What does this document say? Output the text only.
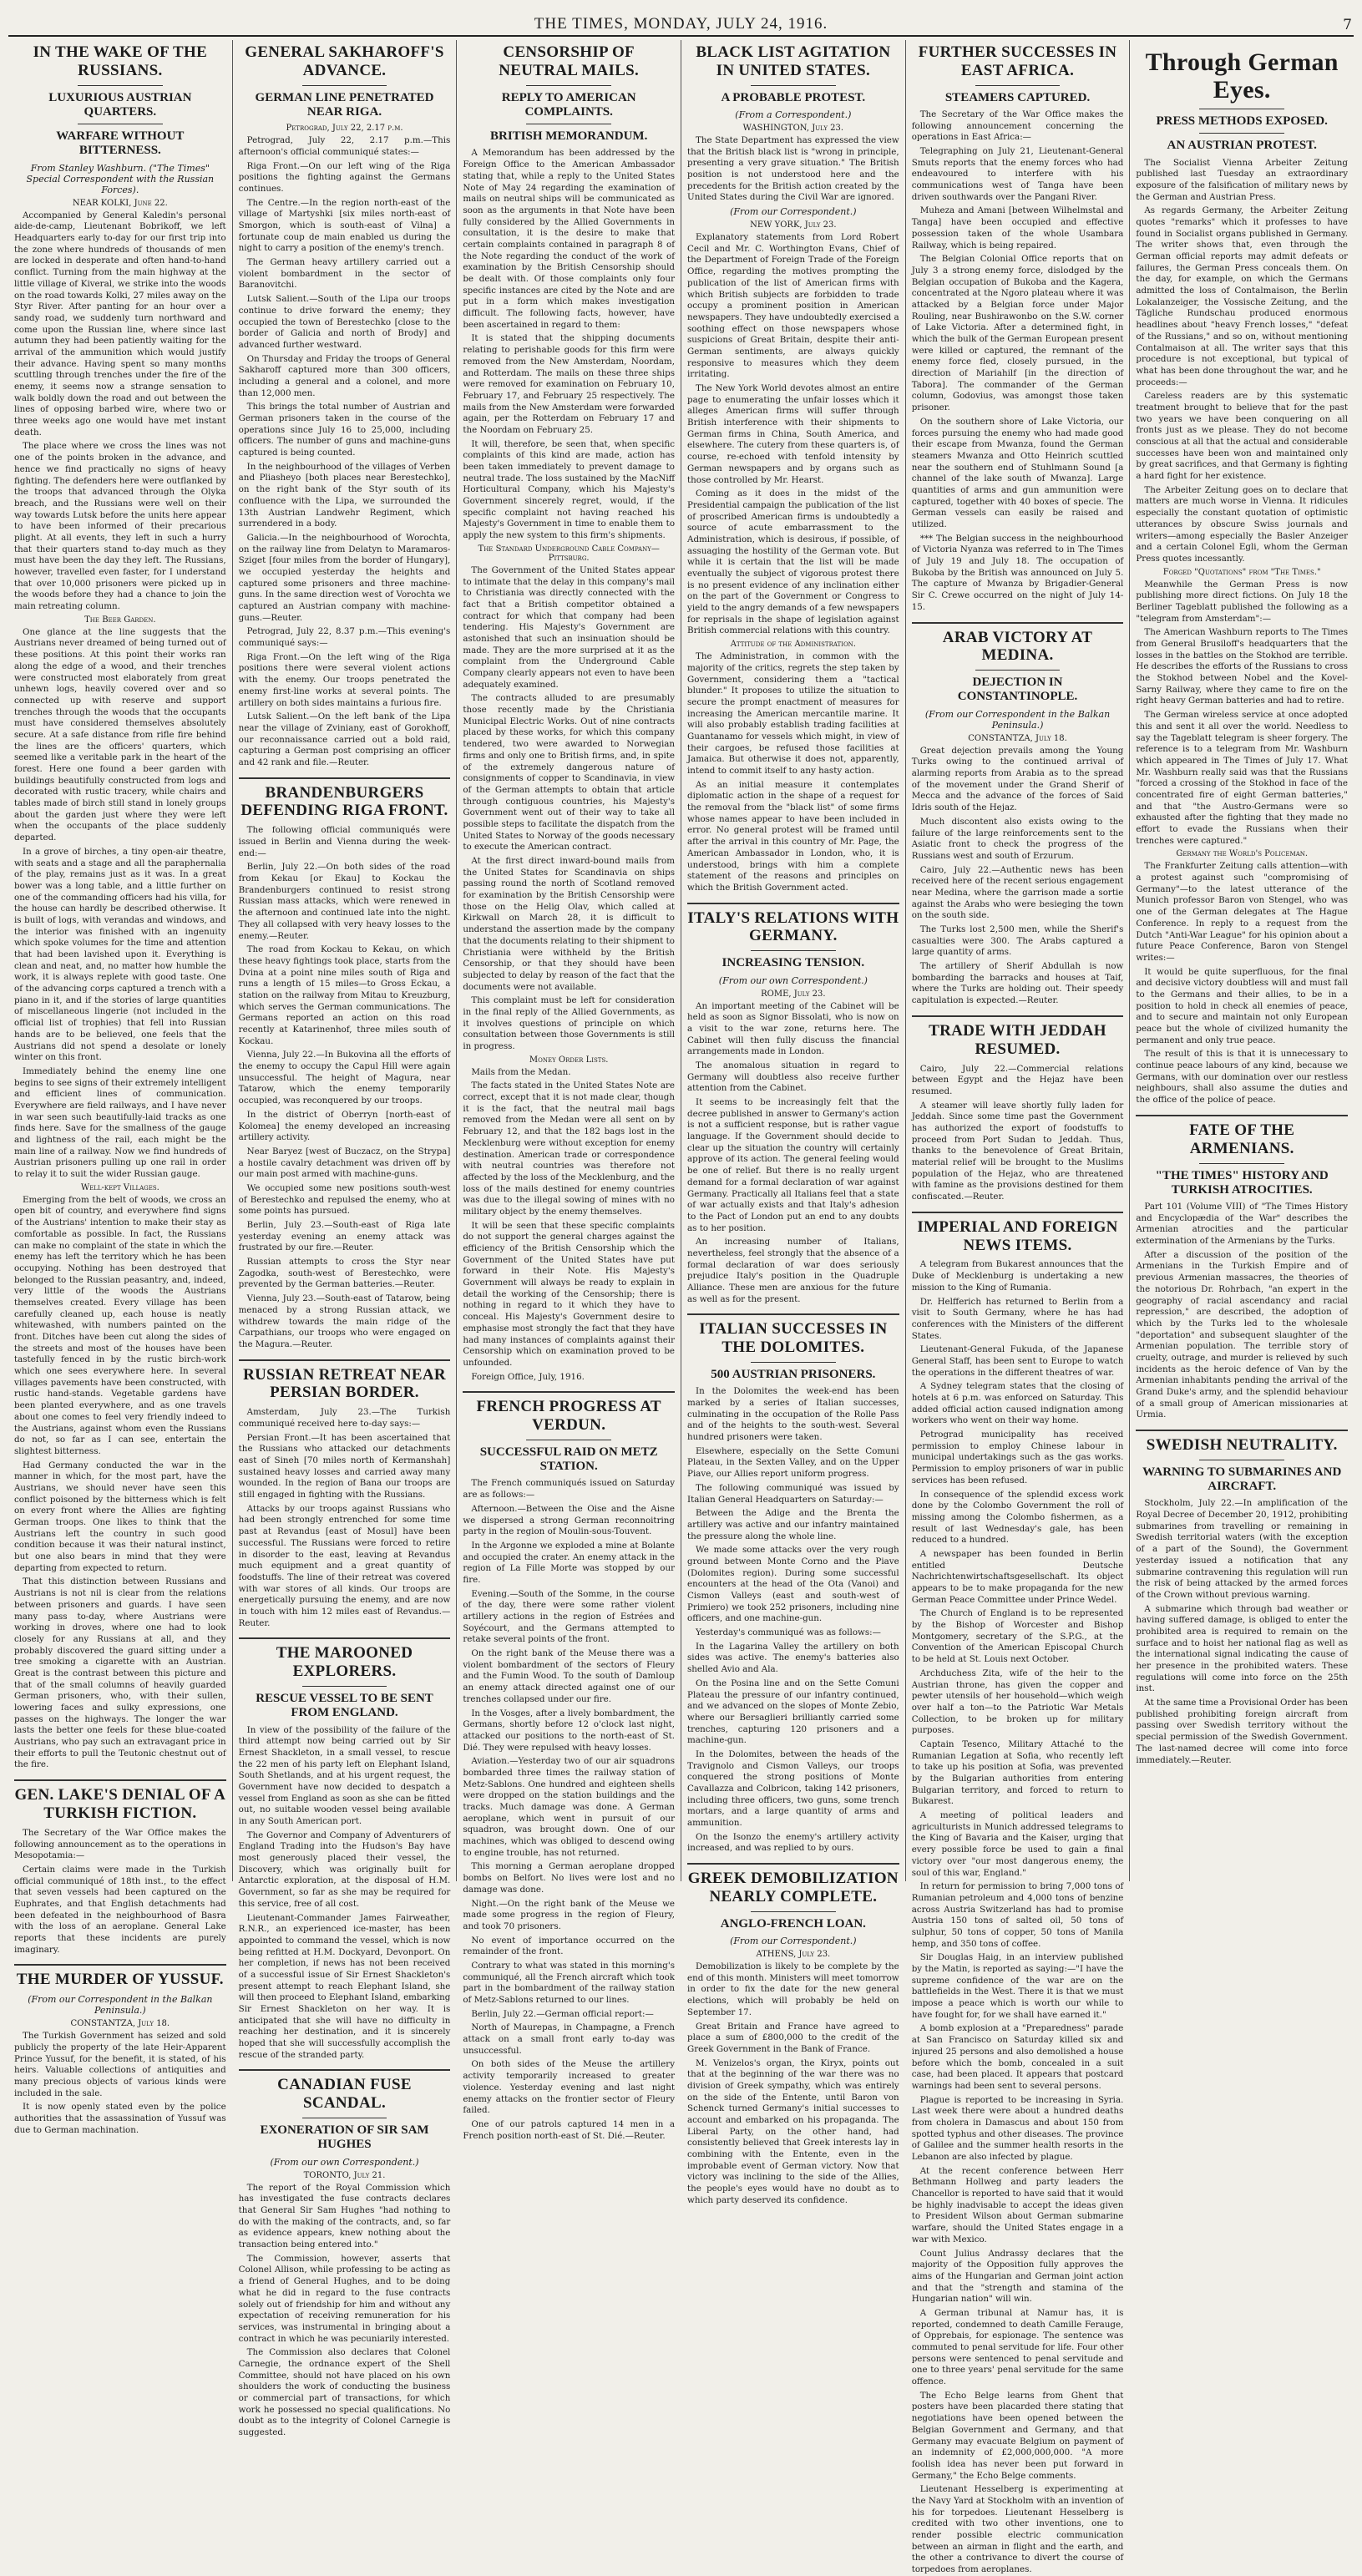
THE TIMES, MONDAY, JULY 24, 1916.	7
IN THE WAKE OF THE RUSSIANS.
LUXURIOUS AUSTRIAN QUARTERS.
WARFARE WITHOUT BITTERNESS.
From Stanley Washburn. ("The Times" Special Correspondent with the Russian Forces).
NEAR KOLKI, June 22.

Accompanied by General Kaledin's personal aide-de-camp, Lieutenant Bobrikoff, we left Headquarters early to-day for our first trip into the zone where hundreds of thousands of men are locked in desperate and often hand-to-hand conflict. Turning from the main highway at the little village of Kiveral, we strike into the woods on the road towards Kolki, 27 miles away on the Styr River. After panting for an hour over a sandy road, we suddenly turn northward and come upon the Russian line, where since last autumn they had been patiently waiting for the arrival of the ammunition which would justify their advance. Having spent so many months scuttling through trenches under the fire of the enemy, it seems now a strange sensation to walk boldly down the road and out between the lines of opposing barbed wire, where two or three weeks ago one would have met instant death.

The place where we cross the lines was not one of the points broken in the advance, and hence we find practically no signs of heavy fighting. The defenders here were outflanked by the troops that advanced through the Olyka breach, and the Russians were well on their way towards Lutsk before the units here appear to have been informed of their precarious plight. At all events, they left in such a hurry that their quarters stand to-day much as they must have been the day they left. The Russians, however, travelled even faster, for I understand that over 10,000 prisoners were picked up in the woods before they had a chance to join the main retreating column.

The Beer Garden.

One glance at the line suggests that the Austrians never dreamed of being turned out of these positions. At this point their works ran along the edge of a wood, and their trenches were constructed most elaborately from great unhewn logs, heavily covered over and so connected up with reserve and support trenches through the woods that the occupants must have considered themselves absolutely secure. At a safe distance from rifle fire behind the lines are the officers' quarters, which seemed like a veritable park in the heart of the forest. Here one found a beer garden with buildings beautifully constructed from logs and decorated with rustic tracery, while chairs and tables made of birch still stand in lonely groups about the garden just where they were left when the occupants of the place suddenly departed.

In a grove of birches, a tiny open-air theatre, with seats and a stage and all the paraphernalia of the play, remains just as it was. In a great bower was a long table, and a little further on one of the commanding officers had his villa, for the house can hardly be described otherwise. It is built of logs, with verandas and windows, and the interior was finished with an ingenuity which spoke volumes for the time and attention that had been lavished upon it. Everything is clean and neat, and, no matter how humble the work, it is always replete with good taste. One of the advancing corps captured a trench with a piano in it, and if the stories of large quantities of miscellaneous lingerie (not included in the official list of trophies) that fell into Russian hands are to be believed, one feels that the Austrians did not spend a desolate or lonely winter on this front.

Immediately behind the enemy line one begins to see signs of their extremely intelligent and efficient lines of communication. Everywhere are field railways, and I have never in war seen such beautifully-laid tracks as one finds here. Save for the smallness of the gauge and lightness of the rail, each might be the main line of a railway. Now we find hundreds of Austrian prisoners pulling up one rail in order to relay it to suit the wider Russian gauge.

Well-kept Villages.

Emerging from the belt of woods, we cross an open bit of country, and everywhere find signs of the Austrians' intention to make their stay as comfortable as possible. In fact, the Russians can make no complaint of the state in which the enemy has left the territory which he has been occupying. Nothing has been destroyed that belonged to the Russian peasantry, and, indeed, very little of the woods the Austrians themselves created. Every village has been carefully cleaned up, each house is neatly whitewashed, with numbers painted on the front. Ditches have been cut along the sides of the streets and most of the houses have been tastefully fenced in by the rustic birch-work which one sees everywhere here. In several villages pavements have been constructed, with rustic hand-stands. Vegetable gardens have been planted everywhere, and as one travels about one comes to feel very friendly indeed to the Austrians, against whom even the Russians do not, so far as I can see, entertain the slightest bitterness.

Had Germany conducted the war in the manner in which, for the most part, have the Austrians, we should never have seen this conflict poisoned by the bitterness which is felt on every front where the Allies are fighting German troops. One likes to think that the Austrians left the country in such good condition because it was their natural instinct, but one also bears in mind that they were departing from expected to return.

That this distinction between Russians and Austrians is not nil is clear from the relations between prisoners and guards. I have seen many pass to-day, where Austrians were working in droves, where one had to look closely for any Russians at all, and they probably discovered the guard sitting under a tree smoking a cigarette with an Austrian. Great is the contrast between this picture and that of the small columns of heavily guarded German prisoners, who, with their sullen, lowering faces and sulky expressions, one passes on the highways. The longer the war lasts the better one feels for these blue-coated Austrians, who pay such an extravagant price in their efforts to pull the Teutonic chestnut out of the fire.

GEN. LAKE'S DENIAL OF A TURKISH FICTION.

The Secretary of the War Office makes the following announcement as to the operations in Mesopotamia:—

Certain claims were made in the Turkish official communiqué of 18th inst., to the effect that seven vessels had been captured on the Euphrates, and that English detachments had been defeated in the neighbourhood of Basra with the loss of an aeroplane. General Lake reports that these incidents are purely imaginary.

THE MURDER OF YUSSUF.
(From our Correspondent in the Balkan Peninsula.)
CONSTANTZA, July 18.

The Turkish Government has seized and sold publicly the property of the late Heir-Apparent Prince Yussuf, for the benefit, it is stated, of his heirs. Valuable collections of antiquities and many precious objects of various kinds were included in the sale.

It is now openly stated even by the police authorities that the assassination of Yussuf was due to German machination.

GENERAL SAKHAROFF'S ADVANCE.
GERMAN LINE PENETRATED NEAR RIGA.
Petrograd, July 22, 2.17 p.m.

Petrograd, July 22, 2.17 p.m.—This afternoon's official communiqué states:—

Riga Front.—On our left wing of the Riga positions the fighting against the Germans continues.

The Centre.—In the region north-east of the village of Martyshki [six miles north-east of Smorgon, which is south-east of Vilna] a fortunate coup de main enabled us during the night to carry a position of the enemy's trench.

The German heavy artillery carried out a violent bombardment in the sector of Baranovitchi.

Lutsk Salient.—South of the Lipa our troops continue to drive forward the enemy; they occupied the town of Berestechko [close to the border of Galicia and north of Brody] and advanced further westward.

On Thursday and Friday the troops of General Sakharoff captured more than 300 officers, including a general and a colonel, and more than 12,000 men.

This brings the total number of Austrian and German prisoners taken in the course of the operations since July 16 to 25,000, including officers. The number of guns and machine-guns captured is being counted.

In the neighbourhood of the villages of Verben and Pliasheyo [both places near Berestechko], on the right bank of the Styr south of its confluence with the Lipa, we surrounded the 13th Austrian Landwehr Regiment, which surrendered in a body.

Galicia.—In the neighbourhood of Worochta, on the railway line from Delatyn to Maramaros-Sziget [four miles from the border of Hungary], we occupied yesterday the heights and captured some prisoners and three machine-guns. In the same direction west of Vorochta we captured an Austrian company with machine-guns.—Reuter.

Petrograd, July 22, 8.37 p.m.—This evening's communiqué says:—

Riga Front.—On the left wing of the Riga positions there were several violent actions with the enemy. Our troops penetrated the enemy first-line works at several points. The artillery on both sides maintains a furious fire.

Lutsk Salient.—On the left bank of the Lipa near the village of Zviniany, east of Gorokhoff, our reconnaissance carried out a bold raid, capturing a German post comprising an officer and 42 rank and file.—Reuter.

BRANDENBURGERS DEFENDING RIGA FRONT.

The following official communiqués were issued in Berlin and Vienna during the week-end:—

Berlin, July 22.—On both sides of the road from Kekau [or Ekau] to Kockau the Brandenburgers continued to resist strong Russian mass attacks, which were renewed in the afternoon and continued late into the night. They all collapsed with very heavy losses to the enemy.—Reuter.

The road from Kockau to Kekau, on which these heavy fightings took place, starts from the Dvina at a point nine miles south of Riga and runs a length of 15 miles—to Gross Eckau, a station on the railway from Mitau to Kreuzburg, which serves the German communications. The Germans reported an action on this road recently at Katarinenhof, three miles south of Kockau.

Vienna, July 22.—In Bukovina all the efforts of the enemy to occupy the Capul Hill were again unsuccessful. The height of Magura, near Tatarow, which the enemy temporarily occupied, was reconquered by our troops.

In the district of Oberryn [north-east of Kolomea] the enemy developed an increasing artillery activity.

Near Baryez [west of Buczacz, on the Strypa] a hostile cavalry detachment was driven off by our main post armed with machine-guns.

We occupied some new positions south-west of Berestechko and repulsed the enemy, who at some points has pursued.

Berlin, July 23.—South-east of Riga late yesterday evening an enemy attack was frustrated by our fire.—Reuter.

Russian attempts to cross the Styr near Zagodka, south-west of Berestechko, were prevented by the German batteries.—Reuter.

Vienna, July 23.—South-east of Tatarow, being menaced by a strong Russian attack, we withdrew towards the main ridge of the Carpathians, our troops who were engaged on the Magura.—Reuter.

RUSSIAN RETREAT NEAR PERSIAN BORDER.

Amsterdam, July 23.—The Turkish communiqué received here to-day says:—

Persian Front.—It has been ascertained that the Russians who attacked our detachments east of Sineh [70 miles north of Kermanshah] sustained heavy losses and carried away many wounded. In the region of Bana our troops are still engaged in fighting with the Russians.

Attacks by our troops against Russians who had been strongly entrenched for some time past at Revandus [east of Mosul] have been successful. The Russians were forced to retire in disorder to the east, leaving at Revandus much equipment and a great quantity of foodstuffs. The line of their retreat was covered with war stores of all kinds. Our troops are energetically pursuing the enemy, and are now in touch with him 12 miles east of Revandus.—Reuter.

THE MAROONED EXPLORERS.
RESCUE VESSEL TO BE SENT FROM ENGLAND.

In view of the possibility of the failure of the third attempt now being carried out by Sir Ernest Shackleton, in a small vessel, to rescue the 22 men of his party left on Elephant Island, South Shetlands, and at his urgent request, the Government have now decided to despatch a vessel from England as soon as she can be fitted out, no suitable wooden vessel being available in any South American port.

The Governor and Company of Adventurers of England Trading into the Hudson's Bay have most generously placed their vessel, the Discovery, which was originally built for Antarctic exploration, at the disposal of H.M. Government, so far as she may be required for this service, free of all cost.

Lieutenant-Commander James Fairweather, R.N.R., an experienced ice-master, has been appointed to command the vessel, which is now being refitted at H.M. Dockyard, Devonport. On her completion, if news has not been received of a successful issue of Sir Ernest Shackleton's present attempt to reach Elephant Island, she will then proceed to Elephant Island, embarking Sir Ernest Shackleton on her way. It is anticipated that she will have no difficulty in reaching her destination, and it is sincerely hoped that she will successfully accomplish the rescue of the stranded party.

CANADIAN FUSE SCANDAL.
EXONERATION OF SIR SAM HUGHES
(From our own Correspondent.)
TORONTO, July 21.

The report of the Royal Commission which has investigated the fuse contracts declares that General Sir Sam Hughes "had nothing to do with the making of the contracts, and, so far as evidence appears, knew nothing about the transaction being entered into."

The Commission, however, asserts that Colonel Allison, while professing to be acting as a friend of General Hughes, and to be doing what he did in regard to the fuse contracts solely out of friendship for him and without any expectation of receiving remuneration for his services, was instrumental in bringing about a contract in which he was pecuniarily interested.

The Commission also declares that Colonel Carnegie, the ordnance expert of the Shell Committee, should not have placed on his own shoulders the work of conducting the business or commercial part of transactions, for which work he possessed no special qualifications. No doubt as to the integrity of Colonel Carnegie is suggested.

CENSORSHIP OF NEUTRAL MAILS.
REPLY TO AMERICAN COMPLAINTS.
BRITISH MEMORANDUM.

A Memorandum has been addressed by the Foreign Office to the American Ambassador stating that, while a reply to the United States Note of May 24 regarding the examination of mails on neutral ships will be communicated as soon as the arguments in that Note have been fully considered by the Allied Governments in consultation, it is the desire to make that certain complaints contained in paragraph 8 of the Note regarding the conduct of the work of examination by the British Censorship should be dealt with. Of those complaints only four specific instances are cited by the Note and are put in a form which makes investigation difficult. The following facts, however, have been ascertained in regard to them:

It is stated that the shipping documents relating to perishable goods for this firm were removed from the New Amsterdam, Noordam, and Rotterdam. The mails on these three ships were removed for examination on February 10, February 17, and February 25 respectively. The mails from the New Amsterdam were forwarded again, per the Rotterdam on February 17 and the Noordam on February 25.

It will, therefore, be seen that, when specific complaints of this kind are made, action has been taken immediately to prevent damage to neutral trade. The loss sustained by the MacNiff Horticultural Company, which his Majesty's Government sincerely regret, would, if the specific complaint not having reached his Majesty's Government in time to enable them to apply the new system to this firm's shipments.

The Standard Underground Cable Company—Pittsburg.

The Government of the United States appear to intimate that the delay in this company's mail to Christiania was directly connected with the fact that a British competitor obtained a contract for which that company had been tendering. His Majesty's Government are astonished that such an insinuation should be made. They are the more surprised at it as the complaint from the Underground Cable Company clearly appears not even to have been adequately examined.

The contracts alluded to are presumably those recently made by the Christiania Municipal Electric Works. Out of nine contracts placed by these works, for which this company tendered, two were awarded to Norwegian firms and only one to British firms, and, in spite of the extremely dangerous nature of consignments of copper to Scandinavia, in view of the German attempts to obtain that article through contiguous countries, his Majesty's Government went out of their way to take all possible steps to facilitate the dispatch from the United States to Norway of the goods necessary to execute the American contract.

At the first direct inward-bound mails from the United States for Scandinavia on ships passing round the north of Scotland removed for examination by the British Censorship were those on the Helig Olav, which called at Kirkwall on March 28, it is difficult to understand the assertion made by the company that the documents relating to their shipment to Christiania were withheld by the British Censorship, or that they should have been subjected to delay by reason of the fact that the documents were not available.

This complaint must be left for consideration in the final reply of the Allied Governments, as it involves questions of principle on which consultation between those Governments is still in progress.

Money Order Lists.

Mails from the Medan.

The facts stated in the United States Note are correct, except that it is not made clear, though it is the fact, that the neutral mail bags removed from the Medan were all sent on by February 12, and that the 182 bags lost in the Mecklenburg were without exception for enemy destination. American trade or correspondence with neutral countries was therefore not affected by the loss of the Mecklenburg, and the loss of the mails destined for enemy countries was due to the illegal sowing of mines with no military object by the enemy themselves.

It will be seen that these specific complaints do not support the general charges against the efficiency of the British Censorship which the Government of the United States have put forward in their Note. His Majesty's Government will always be ready to explain in detail the working of the Censorship; there is nothing in regard to it which they have to conceal. His Majesty's Government desire to emphasise most strongly the fact that they have had many instances of complaints against their Censorship which on examination proved to be unfounded.

Foreign Office, July, 1916.

FRENCH PROGRESS AT VERDUN.
SUCCESSFUL RAID ON METZ STATION.

The French communiqués issued on Saturday are as follows:—

Afternoon.—Between the Oise and the Aisne we dispersed a strong German reconnoitring party in the region of Moulin-sous-Touvent.

In the Argonne we exploded a mine at Bolante and occupied the crater. An enemy attack in the region of La Fille Morte was stopped by our fire.

Evening.—South of the Somme, in the course of the day, there were some rather violent artillery actions in the region of Estrées and Soyécourt, and the Germans attempted to retake several points of the front.

On the right bank of the Meuse there was a violent bombardment of the sectors of Fleury and the Fumin Wood. To the south of Damloup an enemy attack directed against one of our trenches collapsed under our fire.

In the Vosges, after a lively bombardment, the Germans, shortly before 12 o'clock last night, attacked our positions to the north-east of St. Dié. They were repulsed with heavy losses.

Aviation.—Yesterday two of our air squadrons bombarded three times the railway station of Metz-Sablons. One hundred and eighteen shells were dropped on the station buildings and the tracks. Much damage was done. A German aeroplane, which went in pursuit of our squadron, was brought down. One of our machines, which was obliged to descend owing to engine trouble, has not returned.

This morning a German aeroplane dropped bombs on Belfort. No lives were lost and no damage was done.

Night.—On the right bank of the Meuse we made some progress in the region of Fleury, and took 70 prisoners.

No event of importance occurred on the remainder of the front.

Contrary to what was stated in this morning's communiqué, all the French aircraft which took part in the bombardment of the railway station of Metz-Sablons returned to our lines.

Berlin, July 22.—German official report:—

North of Maurepas, in Champagne, a French attack on a small front early to-day was unsuccessful.

On both sides of the Meuse the artillery activity temporarily increased to greater violence. Yesterday evening and last night enemy attacks on the frontier sector of Fleury failed.

One of our patrols captured 14 men in a French position north-east of St. Dié.—Reuter.

BLACK LIST AGITATION IN UNITED STATES.
A PROBABLE PROTEST.
(From a Correspondent.)
WASHINGTON, July 23.

The State Department has expressed the view that the British black list is "wrong in principle, presenting a very grave situation." The British position is not understood here and the precedents for the British action created by the United States during the Civil War are ignored.

(From our Correspondent.)
NEW YORK, July 23.

Explanatory statements from Lord Robert Cecil and Mr. C. Worthington Evans, Chief of the Department of Foreign Trade of the Foreign Office, regarding the motives prompting the publication of the list of American firms with which British subjects are forbidden to trade occupy a prominent position in American newspapers. They have undoubtedly exercised a soothing effect on those newspapers whose suspicions of Great Britain, despite their anti-German sentiments, are always quickly responsive to measures which they deem irritating.

The New York World devotes almost an entire page to enumerating the unfair losses which it alleges American firms will suffer through British interference with their shipments to German firms in China, South America, and elsewhere. The cutery from these quarters is, of course, re-echoed with tenfold intensity by German newspapers and by organs such as those controlled by Mr. Hearst.

Coming as it does in the midst of the Presidential campaign the publication of the list of proscribed American firms is undoubtedly a source of acute embarrassment to the Administration, which is desirous, if possible, of assuaging the hostility of the German vote. But while it is certain that the list will be made eventually the subject of vigorous protest there is no present evidence of any inclination either on the part of the Government or Congress to yield to the angry demands of a few newspapers for reprisals in the shape of legislation against British commercial relations with this country.

Attitude of the Administration.

The Administration, in common with the majority of the critics, regrets the step taken by Government, considering them a "tactical blunder." It proposes to utilize the situation to secure the prompt enactment of measures for increasing the American mercantile marine. It will also probably establish trading facilities at Guantanamo for vessels which might, in view of their cargoes, be refused those facilities at Jamaica. But otherwise it does not, apparently, intend to commit itself to any hasty action.

As an initial measure it contemplates diplomatic action in the shape of a request for the removal from the "black list" of some firms whose names appear to have been included in error. No general protest will be framed until after the arrival in this country of Mr. Page, the American Ambassador in London, who, it is understood, brings with him a complete statement of the reasons and principles on which the British Government acted.

ITALY'S RELATIONS WITH GERMANY.
INCREASING TENSION.
(From our own Correspondent.)
ROME, July 23.

An important meeting of the Cabinet will be held as soon as Signor Bissolati, who is now on a visit to the war zone, returns here. The Cabinet will then fully discuss the financial arrangements made in London.

The anomalous situation in regard to Germany will doubtless also receive further attention from the Cabinet.

It seems to be increasingly felt that the decree published in answer to Germany's action is not a sufficient response, but is rather vague language. If the Government should decide to clear up the situation the country will certainly approve of its action. The general feeling would be one of relief. But there is no really urgent demand for a formal declaration of war against Germany. Practically all Italians feel that a state of war actually exists and that Italy's adhesion to the Pact of London put an end to any doubts as to her position.

An increasing number of Italians, nevertheless, feel strongly that the absence of a formal declaration of war does seriously prejudice Italy's position in the Quadruple Alliance. These men are anxious for the future as well as for the present.

ITALIAN SUCCESSES IN THE DOLOMITES.
500 AUSTRIAN PRISONERS.

In the Dolomites the week-end has been marked by a series of Italian successes, culminating in the occupation of the Rolle Pass and of the heights to the south-west. Several hundred prisoners were taken.

Elsewhere, especially on the Sette Comuni Plateau, in the Sexten Valley, and on the Upper Piave, our Allies report uniform progress.

The following communiqué was issued by Italian General Headquarters on Saturday:—

Between the Adige and the Brenta the artillery was active and our infantry maintained the pressure along the whole line.

We made some attacks over the very rough ground between Monte Corno and the Piave (Dolomites region). During some successful encounters at the head of the Ota (Vanoi) and Cismon Valleys (east and south-west of Primiero) we took 252 prisoners, including nine officers, and one machine-gun.

Yesterday's communiqué was as follows:—

In the Lagarina Valley the artillery on both sides was active. The enemy's batteries also shelled Avio and Ala.

On the Posina line and on the Sette Comuni Plateau the pressure of our infantry continued, and we advanced on the slopes of Monte Zebio, where our Bersaglieri brilliantly carried some trenches, capturing 120 prisoners and a machine-gun.

In the Dolomites, between the heads of the Travignolo and Cismon Valleys, our troops conquered the strong positions of Monte Cavallazza and Colbricon, taking 142 prisoners, including three officers, two guns, some trench mortars, and a large quantity of arms and ammunition.

On the Isonzo the enemy's artillery activity increased, and was replied to by ours.

GREEK DEMOBILIZATION NEARLY COMPLETE.
ANGLO-FRENCH LOAN.
(From our Correspondent.)
ATHENS, July 23.

Demobilization is likely to be complete by the end of this month. Ministers will meet tomorrow in order to fix the date for the new general elections, which will probably be held on September 17.

Great Britain and France have agreed to place a sum of £800,000 to the credit of the Greek Government in the Bank of France.

M. Venizelos's organ, the Kiryx, points out that at the beginning of the war there was no division of Greek sympathy, which was entirely on the side of the Entente, until Baron von Schenck turned Germany's initial successes to account and embarked on his propaganda. The Liberal Party, on the other hand, had consistently believed that Greek interests lay in combining with the Entente, even in the improbable event of German victory. Now that victory was inclining to the side of the Allies, the people's eyes would have no doubt as to which party deserved its confidence.

FURTHER SUCCESSES IN EAST AFRICA.
STEAMERS CAPTURED.

The Secretary of the War Office makes the following announcement concerning the operations in East Africa:—

Telegraphing on July 21, Lieutenant-General Smuts reports that the enemy forces who had endeavoured to interfere with his communications west of Tanga have been driven southwards over the Pangani River.

Muheza and Amani [between Wilhelmstal and Tanga] have been occupied and effective possession taken of the whole Usambara Railway, which is being repaired.

The Belgian Colonial Office reports that on July 3 a strong enemy force, dislodged by the Belgian occupation of Bukoba and the Kagera, concentrated at the Ngoro plateau where it was attacked by a Belgian force under Major Rouling, near Bushirawonbo on the S.W. corner of Lake Victoria. After a determined fight, in which the bulk of the German European present were killed or captured, the remnant of the enemy force fled, closely pursued, in the direction of Mariahilf [in the direction of Tabora]. The commander of the German column, Godovius, was amongst those taken prisoner.

On the southern shore of Lake Victoria, our forces pursuing the enemy who had made good their escape from Mwanza, found the German steamers Mwanza and Otto Heinrich scuttled near the southern end of Stuhlmann Sound [a channel of the lake south of Mwanza]. Large quantities of arms and gun ammunition were captured, together with 40 boxes of specie. The German vessels can easily be raised and utilized.

*** The Belgian success in the neighbourhood of Victoria Nyanza was referred to in The Times of July 19 and July 18. The occupation of Bukoba by the British was announced on July 5. The capture of Mwanza by Brigadier-General Sir C. Crewe occurred on the night of July 14-15.

ARAB VICTORY AT MEDINA.
DEJECTION IN CONSTANTINOPLE.
(From our Correspondent in the Balkan Peninsula.)
CONSTANTZA, July 18.

Great dejection prevails among the Young Turks owing to the continued arrival of alarming reports from Arabia as to the spread of the movement under the Grand Sherif of Mecca and the advance of the forces of Said Idris south of the Hejaz.

Much discontent also exists owing to the failure of the large reinforcements sent to the Asiatic front to check the progress of the Russians west and south of Erzurum.

Cairo, July 22.—Authentic news has been received here of the recent serious engagement near Medina, where the garrison made a sortie against the Arabs who were besieging the town on the south side.

The Turks lost 2,500 men, while the Sherif's casualties were 300. The Arabs captured a large quantity of arms.

The artillery of Sherif Abdullah is now bombarding the barracks and houses at Taif, where the Turks are holding out. Their speedy capitulation is expected.—Reuter.

TRADE WITH JEDDAH RESUMED.

Cairo, July 22.—Commercial relations between Egypt and the Hejaz have been resumed.

A steamer will leave shortly fully laden for Jeddah. Since some time past the Government has authorized the export of foodstuffs to proceed from Port Sudan to Jeddah. Thus, thanks to the benevolence of Great Britain, material relief will be brought to the Muslims population of the Hejaz, who are threatened with famine as the provisions destined for them confiscated.—Reuter.

IMPERIAL AND FOREIGN NEWS ITEMS.

A telegram from Bukarest announces that the Duke of Mecklenburg is undertaking a new mission to the King of Rumania.

Dr. Helfferich has returned to Berlin from a visit to South Germany, where he has had conferences with the Ministers of the different States.

Lieutenant-General Fukuda, of the Japanese General Staff, has been sent to Europe to watch the operations in the different theatres of war.

A Sydney telegram states that the closing of hotels at 6 p.m. was enforced on Saturday. This added official action caused indignation among workers who went on their way home.

Petrograd municipality has received permission to employ Chinese labour in municipal undertakings such as the gas works. Permission to employ prisoners of war in public services has been refused.

In consequence of the splendid excess work done by the Colombo Government the roll of missing among the Colombo fishermen, as a result of last Wednesday's gale, has been reduced to a hundred.

A newspaper has been founded in Berlin entitled Deutsche Nachrichtenwirtschaftsgesellschaft. Its object appears to be to make propaganda for the new German Peace Committee under Prince Wedel.

The Church of England is to be represented by the Bishop of Worcester and Bishop Montgomery, secretary of the S.P.G., at the Convention of the American Episcopal Church to be held at St. Louis next October.

Archduchess Zita, wife of the heir to the Austrian throne, has given the copper and pewter utensils of her household—which weigh over half a ton—to the Patriotic War Metals Collection, to be broken up for military purposes.

Captain Tesenco, Military Attaché to the Rumanian Legation at Sofia, who recently left to take up his position at Sofia, was prevented by the Bulgarian authorities from entering Bulgarian territory, and forced to return to Bukarest.

A meeting of political leaders and agriculturists in Munich addressed telegrams to the King of Bavaria and the Kaiser, urging that every possible force be used to gain a final victory over "our most dangerous enemy, the soul of this war, England."

In return for permission to bring 7,000 tons of Rumanian petroleum and 4,000 tons of benzine across Austria Switzerland has had to promise Austria 150 tons of salted oil, 50 tons of sulphur, 50 tons of copper, 50 tons of Manila hemp, and 350 tons of coffee.

Sir Douglas Haig, in an interview published by the Matin, is reported as saying:—"I have the supreme confidence of the war are on the battlefields in the West. There it is that we must impose a peace which is worth our while to have fought for, for we shall have earned it."

A bomb explosion at a "Preparedness" parade at San Francisco on Saturday killed six and injured 25 persons and also demolished a house before which the bomb, concealed in a suit case, had been placed. It appears that postcard warnings had been sent to several persons.

Plague is reported to be increasing in Syria. Last week there were about a hundred deaths from cholera in Damascus and about 150 from spotted typhus and other diseases. The province of Galilee and the summer health resorts in the Lebanon are also infected by plague.

At the recent conference between Herr Bethmann Hollweg and party leaders the Chancellor is reported to have said that it would be highly inadvisable to accept the ideas given to President Wilson about German submarine warfare, should the United States engage in a war with Mexico.

Count Julius Andrassy declares that the majority of the Opposition fully approves the aims of the Hungarian and German joint action and that the "strength and stamina of the Hungarian nation" will win.

A German tribunal at Namur has, it is reported, condemned to death Camille Ferauge, of Opprebais, for espionage. The sentence was commuted to penal servitude for life. Four other persons were sentenced to penal servitude and one to three years' penal servitude for the same offence.

The Echo Belge learns from Ghent that posters have been placarded there stating that negotiations have been opened between the Belgian Government and Germany, and that Germany may evacuate Belgium on payment of an indemnity of £2,000,000,000. "A more foolish idea has never been put forward in Germany," the Echo Belge comments.

Lieutenant Hesselberg is experimenting at the Navy Yard at Stockholm with an invention of his for torpedoes. Lieutenant Hesselberg is credited with two other inventions, one to render possible electric communication between an airman in flight and the earth, and the other a contrivance to divert the course of torpedoes from aeroplanes.

Through German Eyes.
PRESS METHODS EXPOSED.
AN AUSTRIAN PROTEST.

The Socialist Vienna Arbeiter Zeitung published last Tuesday an extraordinary exposure of the falsification of military news by the German and Austrian Press.

As regards Germany, the Arbeiter Zeitung quotes "remarks" which it professes to have found in Socialist organs published in Germany. The writer shows that, even through the German official reports may admit defeats or failures, the German Press conceals them. On the day, for example, on which the Germans admitted the loss of Contalmaison, the Berlin Lokalanzeiger, the Vossische Zeitung, and the Tägliche Rundschau produced enormous headlines about "heavy French losses," "defeat of the Russians," and so on, without mentioning Contalmaison at all. The writer says that this procedure is not exceptional, but typical of what has been done throughout the war, and he proceeds:—

Careless readers are by this systematic treatment brought to believe that for the past two years we have been conquering on all fronts just as we please. They do not become conscious at all that the actual and considerable successes have been won and maintained only by great sacrifices, and that Germany is fighting a hard fight for her existence.

The Arbeiter Zeitung goes on to declare that matters are much worse in Vienna. It ridicules especially the constant quotation of optimistic utterances by obscure Swiss journals and writers—among especially the Basler Anzeiger and a certain Colonel Egli, whom the German Press quotes incessantly.

Forged "Quotations" from "The Times."

Meanwhile the German Press is now publishing more direct fictions. On July 18 the Berliner Tageblatt published the following as a "telegram from Amsterdam":—

The American Washburn reports to The Times from General Brusiloff's headquarters that the losses in the battles on the Stokhod are terrible. He describes the efforts of the Russians to cross the Stokhod between Nobel and the Kovel-Sarny Railway, where they came to fire on the right heavy German batteries and had to retire.

The German wireless service at once adopted this and sent it all over the world. Needless to say the Tageblatt telegram is sheer forgery. The reference is to a telegram from Mr. Washburn which appeared in The Times of July 17. What Mr. Washburn really said was that the Russians "forced a crossing of the Stokhod in face of the concentrated fire of eight German batteries," and that "the Austro-Germans were so exhausted after the fighting that they made no effort to evade the Russians when their trenches were captured."

Germany the World's Policeman.

The Frankfurter Zeitung calls attention—with a protest against such "compromising of Germany"—to the latest utterance of the Munich professor Baron von Stengel, who was one of the German delegates at The Hague Conference. In reply to a request from the Dutch "Anti-War League" for his opinion about a future Peace Conference, Baron von Stengel writes:—

It would be quite superfluous, for the final and decisive victory doubtless will and must fall to the Germans and their allies, to be in a position to hold in check all enemies of peace, and to secure and maintain not only European peace but the whole of civilized humanity the permanent and only true peace.

The result of this is that it is unnecessary to continue peace labours of any kind, because we Germans, with our domination over our restless neighbours, shall also assume the duties and the office of the police of peace.

FATE OF THE ARMENIANS.
"THE TIMES" HISTORY AND TURKISH ATROCITIES.

Part 101 (Volume VIII) of "The Times History and Encyclopædia of the War" describes the Armenian atrocities and the particular extermination of the Armenians by the Turks.

After a discussion of the position of the Armenians in the Turkish Empire and of previous Armenian massacres, the theories of the notorious Dr. Rohrbach, "an expert in the geography of racial ascendancy and racial repression," are described, the adoption of which by the Turks led to the wholesale "deportation" and subsequent slaughter of the Armenian population. The terrible story of cruelty, outrage, and murder is relieved by such incidents as the heroic defence of Van by the Armenian inhabitants pending the arrival of the Grand Duke's army, and the splendid behaviour of a small group of American missionaries at Urmia.

SWEDISH NEUTRALITY.
WARNING TO SUBMARINES AND AIRCRAFT.

Stockholm, July 22.—In amplification of the Royal Decree of December 20, 1912, prohibiting submarines from travelling or remaining in Swedish territorial waters (with the exception of a part of the Sound), the Government yesterday issued a notification that any submarine contravening this regulation will run the risk of being attacked by the armed forces of the Crown without previous warning.

A submarine which through bad weather or having suffered damage, is obliged to enter the prohibited area is required to remain on the surface and to hoist her national flag as well as the international signal indicating the cause of her presence in the prohibited waters. These regulations will come into force on the 25th inst.

At the same time a Provisional Order has been published prohibiting foreign aircraft from passing over Swedish territory without the special permission of the Swedish Government. The last-named decree will come into force immediately.—Reuter.
